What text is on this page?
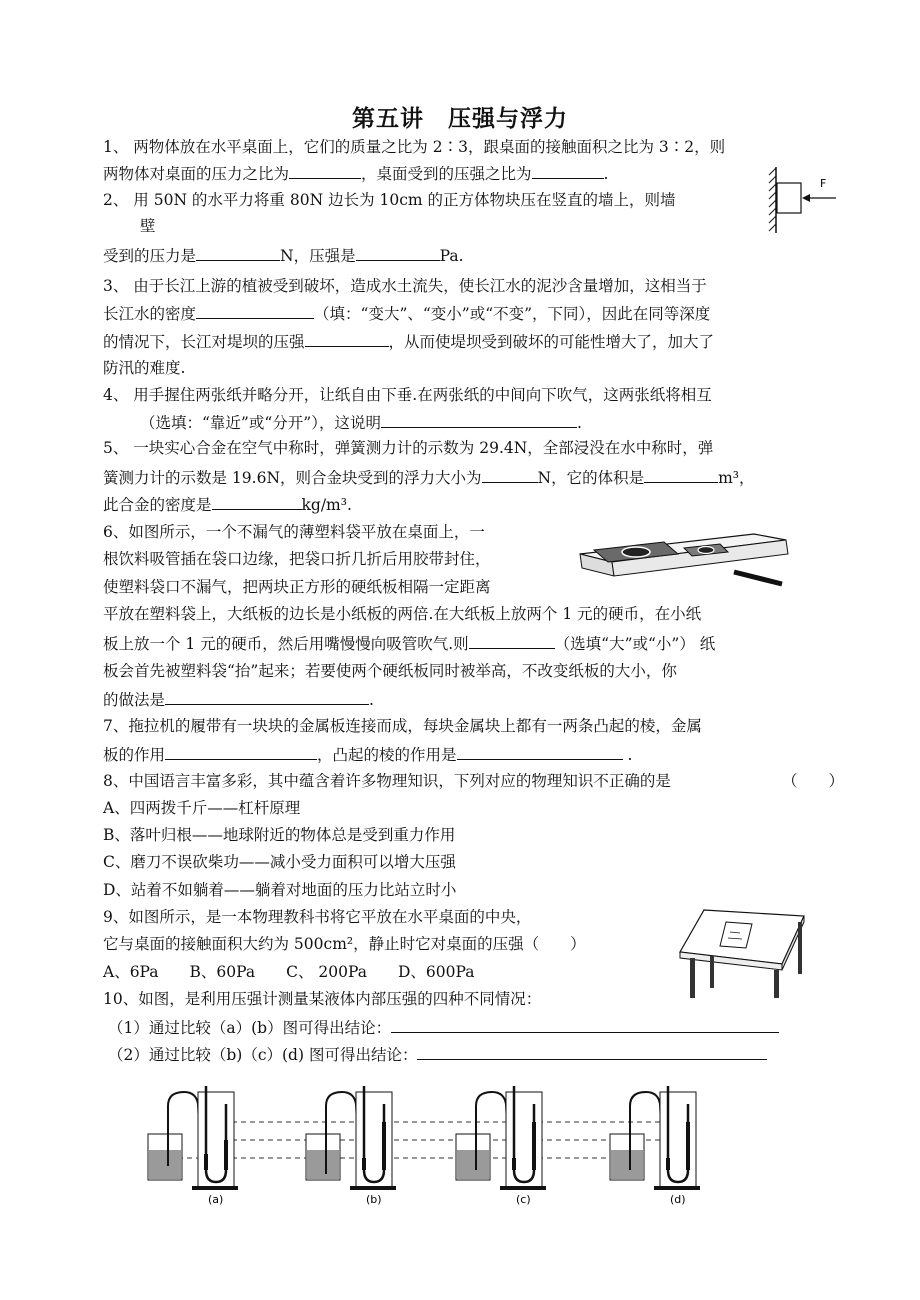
第五讲　压强与浮力
1、 两物体放在水平桌面上，它们的质量之比为 2∶3，跟桌面的接触面积之比为 3∶2，则
两物体对桌面的压力之比为	，桌面受到的压强之比为	.
2、 用 50N 的水平力将重 80N 边长为 10cm 的正方体物块压在竖直的墙上，则墙
壁
受到的压力是	N，压强是	Pa.
F
3、 由于长江上游的植被受到破坏，造成水土流失，使长江水的泥沙含量增加，这相当于
长江水的密度	（填：“变大”、“变小”或“不变”，下同），因此在同等深度
的情况下，长江对堤坝的压强	，从而使堤坝受到破坏的可能性增大了，加大了
防汛的难度.
4、 用手握住两张纸并略分开，让纸自由下垂.在两张纸的中间向下吹气，这两张纸将相互
（选填：“靠近”或“分开”），这说明	.
5、 一块实心合金在空气中称时，弹簧测力计的示数为 29.4N，全部浸没在水中称时，弹
簧测力计的示数是 19.6N，则合金块受到的浮力大小为	N，它的体积是	m³，
此合金的密度是	kg/m³.
6、如图所示，一个不漏气的薄塑料袋平放在桌面上，一
根饮料吸管插在袋口边缘，把袋口折几折后用胶带封住，
使塑料袋口不漏气，把两块正方形的硬纸板相隔一定距离
平放在塑料袋上，大纸板的边长是小纸板的两倍.在大纸板上放两个 1 元的硬币，在小纸
板上放一个 1 元的硬币，然后用嘴慢慢向吸管吹气.则	（选填“大”或“小”） 纸
板会首先被塑料袋“抬”起来；若要使两个硬纸板同时被举高，不改变纸板的大小，你
的做法是	.
7、拖拉机的履带有一块块的金属板连接而成，每块金属块上都有一两条凸起的棱，金属
板的作用	，凸起的棱的作用是	.
8、中国语言丰富多彩，其中蕴含着许多物理知识，下列对应的物理知识不正确的是	（　　）
A、四两拨千斤——杠杆原理
B、落叶归根——地球附近的物体总是受到重力作用
C、磨刀不误砍柴功——减小受力面积可以增大压强
D、站着不如躺着——躺着对地面的压力比站立时小
9、如图所示，是一本物理教科书将它平放在水平桌面的中央，
它与桌面的接触面积大约为 500cm²，静止时它对桌面的压强（　　）
A、6Pa　　B、60Pa　　C、 200Pa　　D、600Pa
10、如图，是利用压强计测量某液体内部压强的四种不同情况：
（1）通过比较（a）(b）图可得出结论：
（2）通过比较（b)（c）(d) 图可得出结论：
(a)	(b)	(c)	(d)
